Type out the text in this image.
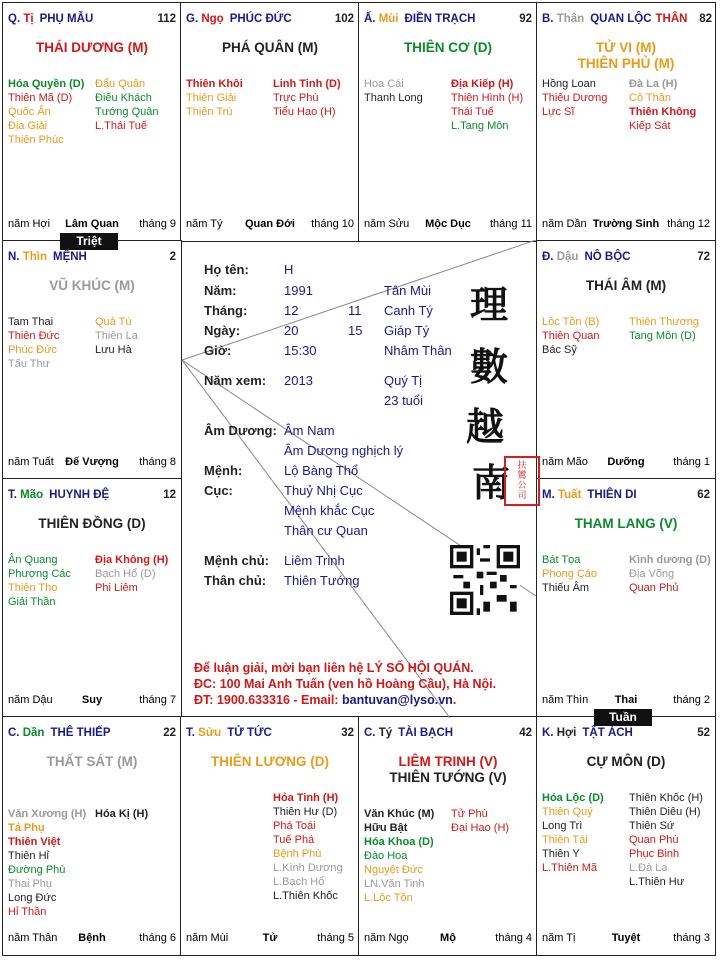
Q. Tị PHỤ MẪU	112
THÁI DƯƠNG (M)
Hóa Quyền (D)
Thiên Mã (D)
Quốc Ấn
Địa Giải
Thiên Phúc
Đẩu Quân
Điếu Khách
Tướng Quân
L.Thái Tuế
Lâm Quan
năm Hợi	tháng 9
G. Ngọ PHÚC ĐỨC	102
PHÁ QUÂN (M)
Thiên Khôi
Thiên Giải
Thiên Trù
Linh Tinh (D)
Trực Phù
Tiểu Hao (H)
Quan Đới
năm Tý	tháng 10
Ấ. Mùi ĐIỀN TRẠCH	92
THIÊN CƠ (D)
Hoa Cái
Thanh Long
Địa Kiếp (H)
Thiên Hình (H)
Thái Tuế
L.Tang Môn
Mộc Dục
năm Sửu	tháng 11
B. Thân QUAN LỘC THÂN 82
TỬ VI (M)
THIÊN PHỦ (M)
Hồng Loan
Thiếu Dương
Lực Sĩ
Đà La (H)
Cô Thần
Thiên Không
Kiếp Sát
Trường Sinh
năm Dần	tháng 12
N. Thìn MỆNH	2
VŨ KHÚC (M)
Tam Thai
Thiên Đức
Phúc Đức
Tấu Thư
Quả Tú
Thiên La
Lưu Hà
Đế Vượng
năm Tuất	tháng 8
Đ. Dậu NÔ BỘC	72
THÁI ÂM (M)
Lộc Tồn (B)
Thiên Quan
Bác Sỹ
Thiên Thương
Tang Môn (D)
Dưỡng
năm Mão	tháng 1
T. Mão HUYNH ĐỆ	12
THIÊN ĐỒNG (D)
Ân Quang
Phượng Các
Thiên Thọ
Giải Thần
Địa Không (H)
Bạch Hổ (D)
Phi Liêm
Suy
năm Dậu	tháng 7
M. Tuất THIÊN DI	62
THAM LANG (V)
Bát Tọa
Phong Cáo
Thiếu Âm
Kình dương (D)
Địa Võng
Quan Phủ
Thai
năm Thìn	tháng 2
C. Dần THÊ THIẾP	22
THẤT SÁT (M)
Văn Xương (H)
Tả Phụ
Thiên Việt
Thiên Hỉ
Đường Phù
Thai Phụ
Long Đức
Hỉ Thần
Hóa Kị (H)
Bệnh
năm Thân	tháng 6
T. Sửu TỬ TỨC	32
THIÊN LƯƠNG (D)
Hỏa Tinh (H)
Thiên Hư (D)
Phá Toái
Tuế Phá
Bệnh Phù
L.Kình Dương
L.Bạch Hổ
L.Thiên Khốc
Tử
năm Mùi	tháng 5
C. Tý TÀI BẠCH	42
LIÊM TRINH (V)
THIÊN TƯỚNG (V)
Văn Khúc (M)
Hữu Bật
Hóa Khoa (D)
Đào Hoa
Nguyệt Đức
LN.Văn Tinh
L.Lộc Tồn
Tử Phù
Đại Hao (H)
Mộ
năm Ngọ	tháng 4
K. Hợi TẬT ÁCH	52
CỰ MÔN (D)
Hóa Lộc (D)
Thiên Quý
Long Trì
Thiên Tài
Thiên Y
L.Thiên Mã
Thiên Khốc (H)
Thiên Diêu (H)
Thiên Sứ
Quan Phù
Phục Binh
L.Đà La
L.Thiên Hư
Tuyệt
năm Tị	tháng 3
Triệt
Tuần
Họ tên:	H
Năm:	1991	Tân Mùi
Tháng:	12	11 Canh Tý
Ngày:	20	15 Giáp Tý
Giờ:	15:30	Nhâm Thân
Năm xem: 2013	Quý Tị
23 tuổi
Âm Dương: Âm Nam
Âm Dương nghịch lý
Mệnh:	Lộ Bàng Thổ
Cục:	Thuỷ Nhị Cục
Mệnh khắc Cục
Thân cư Quan
Mệnh chủ: Liêm Trinh
Thân chủ: Thiên Tướng
理
數
越
南 扶
鸞
公
司
Để luận giải, mời bạn liên hệ LÝ SỐ HỘI QUÁN.
ĐC: 100 Mai Anh Tuấn (ven hồ Hoàng Cầu), Hà Nội.
ĐT: 1900.633316 - Email: bantuvan@lyso.vn.
